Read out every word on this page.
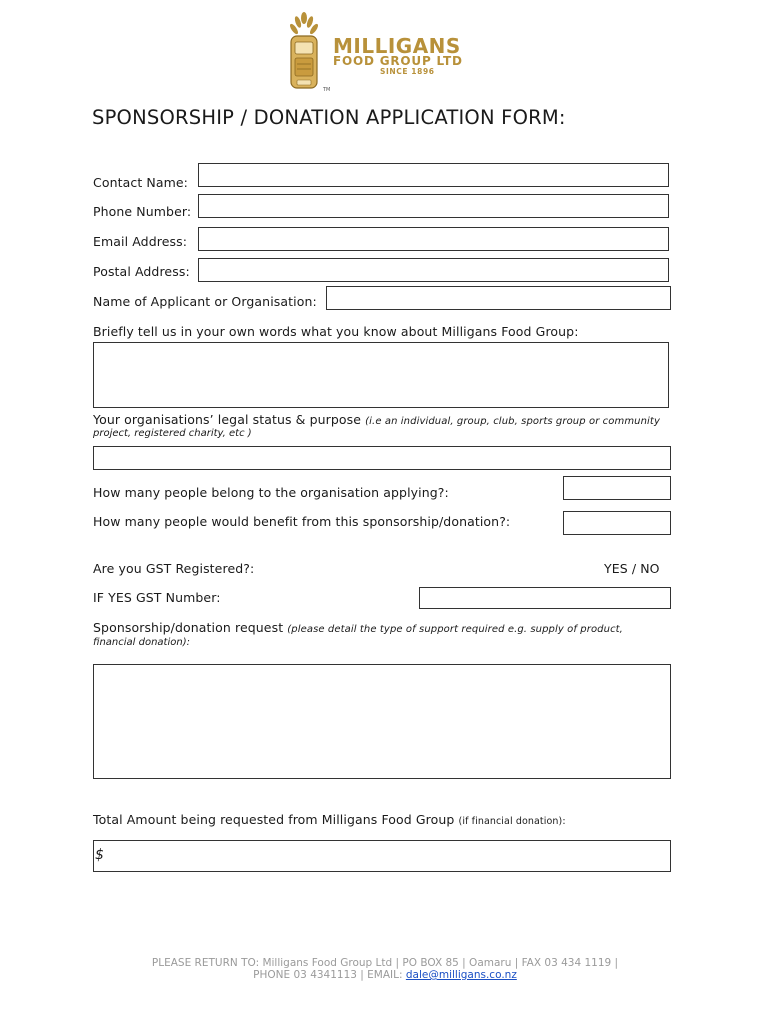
MILLIGANS
FOOD GROUP LTD
SINCE 1896
TM
SPONSORSHIP / DONATION APPLICATION FORM:
Contact Name:
Phone Number:
Email Address:
Postal Address:
Name of Applicant or Organisation:
Briefly tell us in your own words what you know about Milligans Food Group:
Your organisations’ legal status & purpose (i.e an individual, group, club, sports group or community
project, registered charity, etc )
How many people belong to the organisation applying?:
How many people would benefit from this sponsorship/donation?:
Are you GST Registered?:	YES / NO
IF YES GST Number:
Sponsorship/donation request (please detail the type of support required e.g. supply of product,
financial donation):
Total Amount being requested from Milligans Food Group (if financial donation):
$
PLEASE RETURN TO: Milligans Food Group Ltd | PO BOX 85 | Oamaru | FAX 03 434 1119 |
PHONE 03 4341113 | EMAIL: dale@milligans.co.nz
